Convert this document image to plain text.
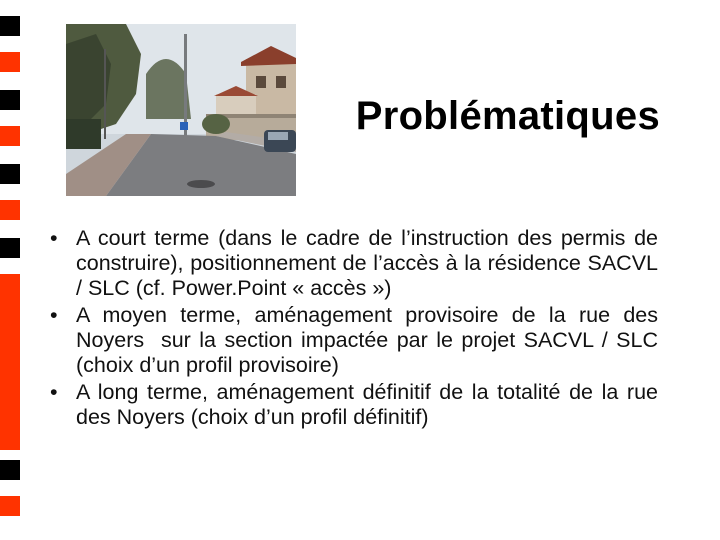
Problématiques
• A court terme (dans le cadre de l’instruction des permis de construire), positionnement de l’accès à la résidence SACVL / SLC (cf. Power.Point « accès »)
• A moyen terme, aménagement provisoire de la rue des Noyers  sur la section impactée par le projet SACVL / SLC (choix d’un profil provisoire)
• A long terme, aménagement définitif de la totalité de la rue des Noyers (choix d’un profil définitif)
